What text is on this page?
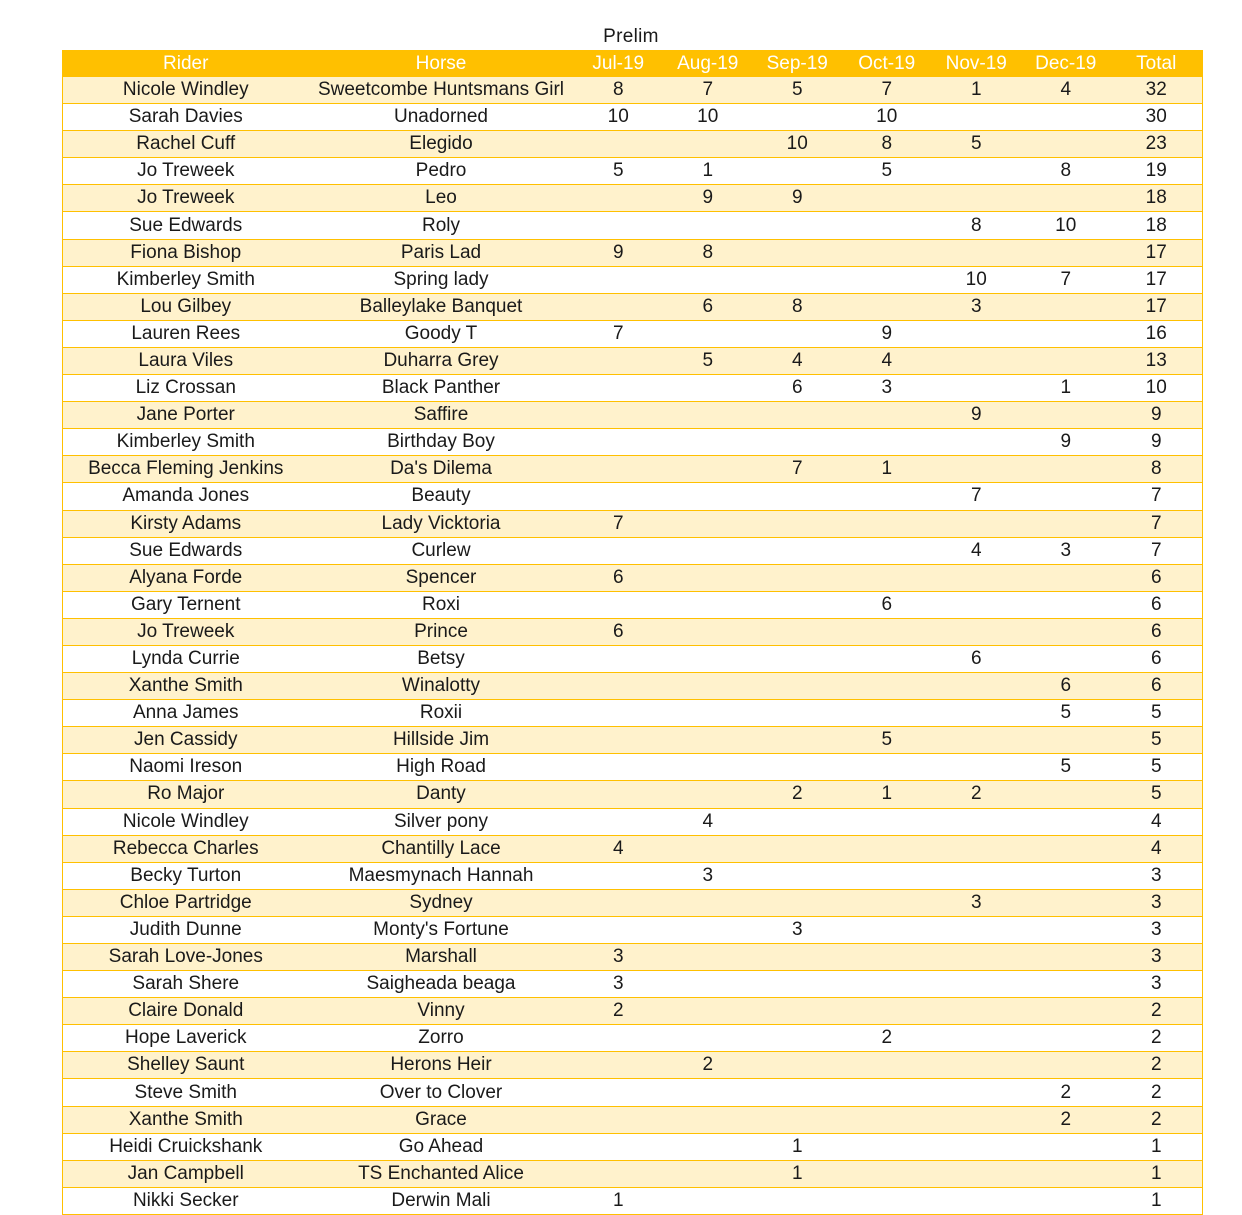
Prelim
Rider	Horse	Jul-19	Aug-19	Sep-19	Oct-19	Nov-19	Dec-19	Total
Nicole Windley	Sweetcombe Huntsmans Girl	8	7	5	7	1	4	32
Sarah Davies	Unadorned	10	10		10			30
Rachel Cuff	Elegido			10	8	5		23
Jo Treweek	Pedro	5	1		5		8	19
Jo Treweek	Leo		9	9				18
Sue Edwards	Roly					8	10	18
Fiona Bishop	Paris Lad	9	8					17
Kimberley Smith	Spring lady					10	7	17
Lou Gilbey	Balleylake Banquet		6	8		3		17
Lauren Rees	Goody T	7			9			16
Laura Viles	Duharra Grey		5	4	4			13
Liz Crossan	Black Panther			6	3		1	10
Jane Porter	Saffire					9		9
Kimberley Smith	Birthday Boy						9	9
Becca Fleming Jenkins	Da's Dilema			7	1			8
Amanda Jones	Beauty					7		7
Kirsty Adams	Lady Vicktoria	7						7
Sue Edwards	Curlew					4	3	7
Alyana Forde	Spencer	6						6
Gary Ternent	Roxi				6			6
Jo Treweek	Prince	6						6
Lynda Currie	Betsy					6		6
Xanthe Smith	Winalotty						6	6
Anna James	Roxii						5	5
Jen Cassidy	Hillside Jim				5			5
Naomi Ireson	High Road						5	5
Ro Major	Danty			2	1	2		5
Nicole Windley	Silver pony		4					4
Rebecca Charles	Chantilly Lace	4						4
Becky Turton	Maesmynach Hannah		3					3
Chloe Partridge	Sydney					3		3
Judith Dunne	Monty's Fortune			3				3
Sarah Love-Jones	Marshall	3						3
Sarah Shere	Saigheada beaga	3						3
Claire Donald	Vinny	2						2
Hope Laverick	Zorro				2			2
Shelley Saunt	Herons Heir		2					2
Steve Smith	Over to Clover						2	2
Xanthe Smith	Grace						2	2
Heidi Cruickshank	Go Ahead			1				1
Jan Campbell	TS Enchanted Alice			1				1
Nikki Secker	Derwin Mali	1						1
